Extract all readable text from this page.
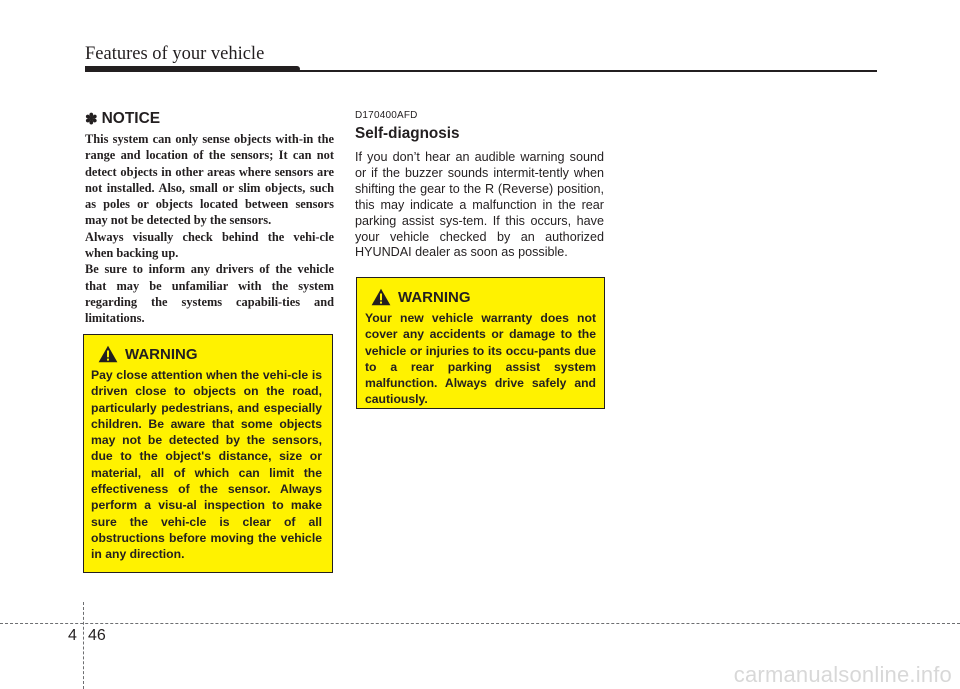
Features of your vehicle
✽ NOTICE

This system can only sense objects with-in the range and location of the sensors; It can not detect objects in other areas where sensors are not installed. Also, small or slim objects, such as poles or objects located between sensors may not be detected by the sensors.

Always visually check behind the vehi-cle when backing up.

Be sure to inform any drivers of the vehicle that may be unfamiliar with the system regarding the systems capabili-ties and limitations.

WARNING

Pay close attention when the vehi-cle is driven close to objects on the road, particularly pedestrians, and especially children. Be aware that some objects may not be detected by the sensors, due to the object's distance, size or material, all of which can limit the effectiveness of the sensor. Always perform a visu-al inspection to make sure the vehi-cle is clear of all obstructions before moving the vehicle in any direction.

D170400AFD

Self-diagnosis

If you don’t hear an audible warning sound or if the buzzer sounds intermit-tently when shifting the gear to the R (Reverse) position, this may indicate a malfunction in the rear parking assist sys-tem. If this occurs, have your vehicle checked by an authorized HYUNDAI dealer as soon as possible.

WARNING

Your new vehicle warranty does not cover any accidents or damage to the vehicle or injuries to its occu-pants due to a rear parking assist system malfunction. Always drive safely and cautiously.

4 46
carmanualsonline.info
